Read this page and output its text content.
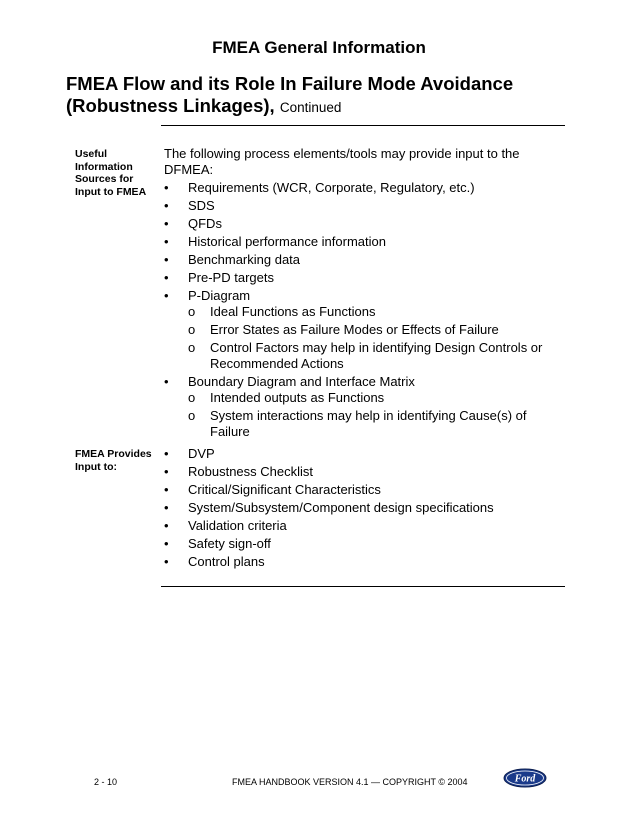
FMEA General Information
FMEA Flow and its Role In Failure Mode Avoidance (Robustness Linkages), Continued
Useful
Information
Sources for
Input to FMEA
The following process elements/tools may provide input to the DFMEA:
•	Requirements (WCR, Corporate, Regulatory, etc.)
•	SDS
•	QFDs
•	Historical performance information
•	Benchmarking data
•	Pre-PD targets
•	P-Diagram
o Ideal Functions as Functions
o Error States as Failure Modes or Effects of Failure
o Control Factors may help in identifying Design Controls or Recommended Actions
•	Boundary Diagram and Interface Matrix
o Intended outputs as Functions
o System interactions may help in identifying Cause(s) of Failure
FMEA Provides
Input to:
•	DVP
•	Robustness Checklist
•	Critical/Significant Characteristics
•	System/Subsystem/Component design specifications
•	Validation criteria
•	Safety sign-off
•	Control plans
2 - 10	FMEA HANDBOOK VERSION 4.1 — COPYRIGHT © 2004	Ford
